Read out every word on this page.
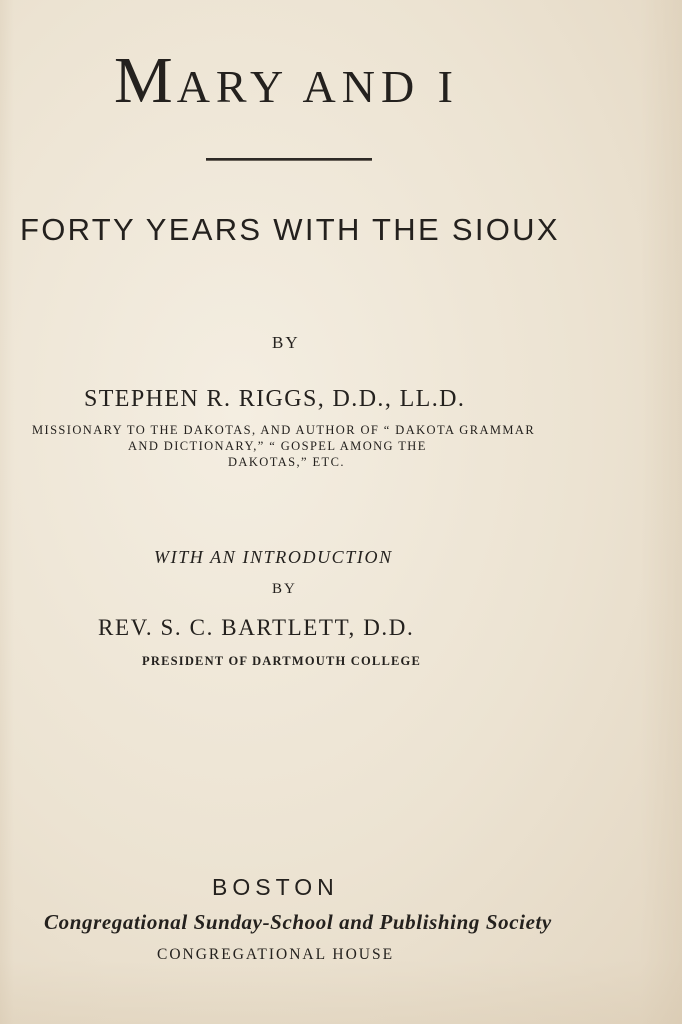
MARY AND I
FORTY YEARS WITH THE SIOUX
BY
STEPHEN R. RIGGS, D.D., LL.D.
MISSIONARY TO THE DAKOTAS, AND AUTHOR OF “ DAKOTA GRAMMAR
AND DICTIONARY,” “ GOSPEL AMONG THE
DAKOTAS,” ETC.
WITH AN INTRODUCTION
BY
REV. S. C. BARTLETT, D.D.
PRESIDENT OF DARTMOUTH COLLEGE
BOSTON
Congregational Sunday-School and Publishing Society
CONGREGATIONAL HOUSE
